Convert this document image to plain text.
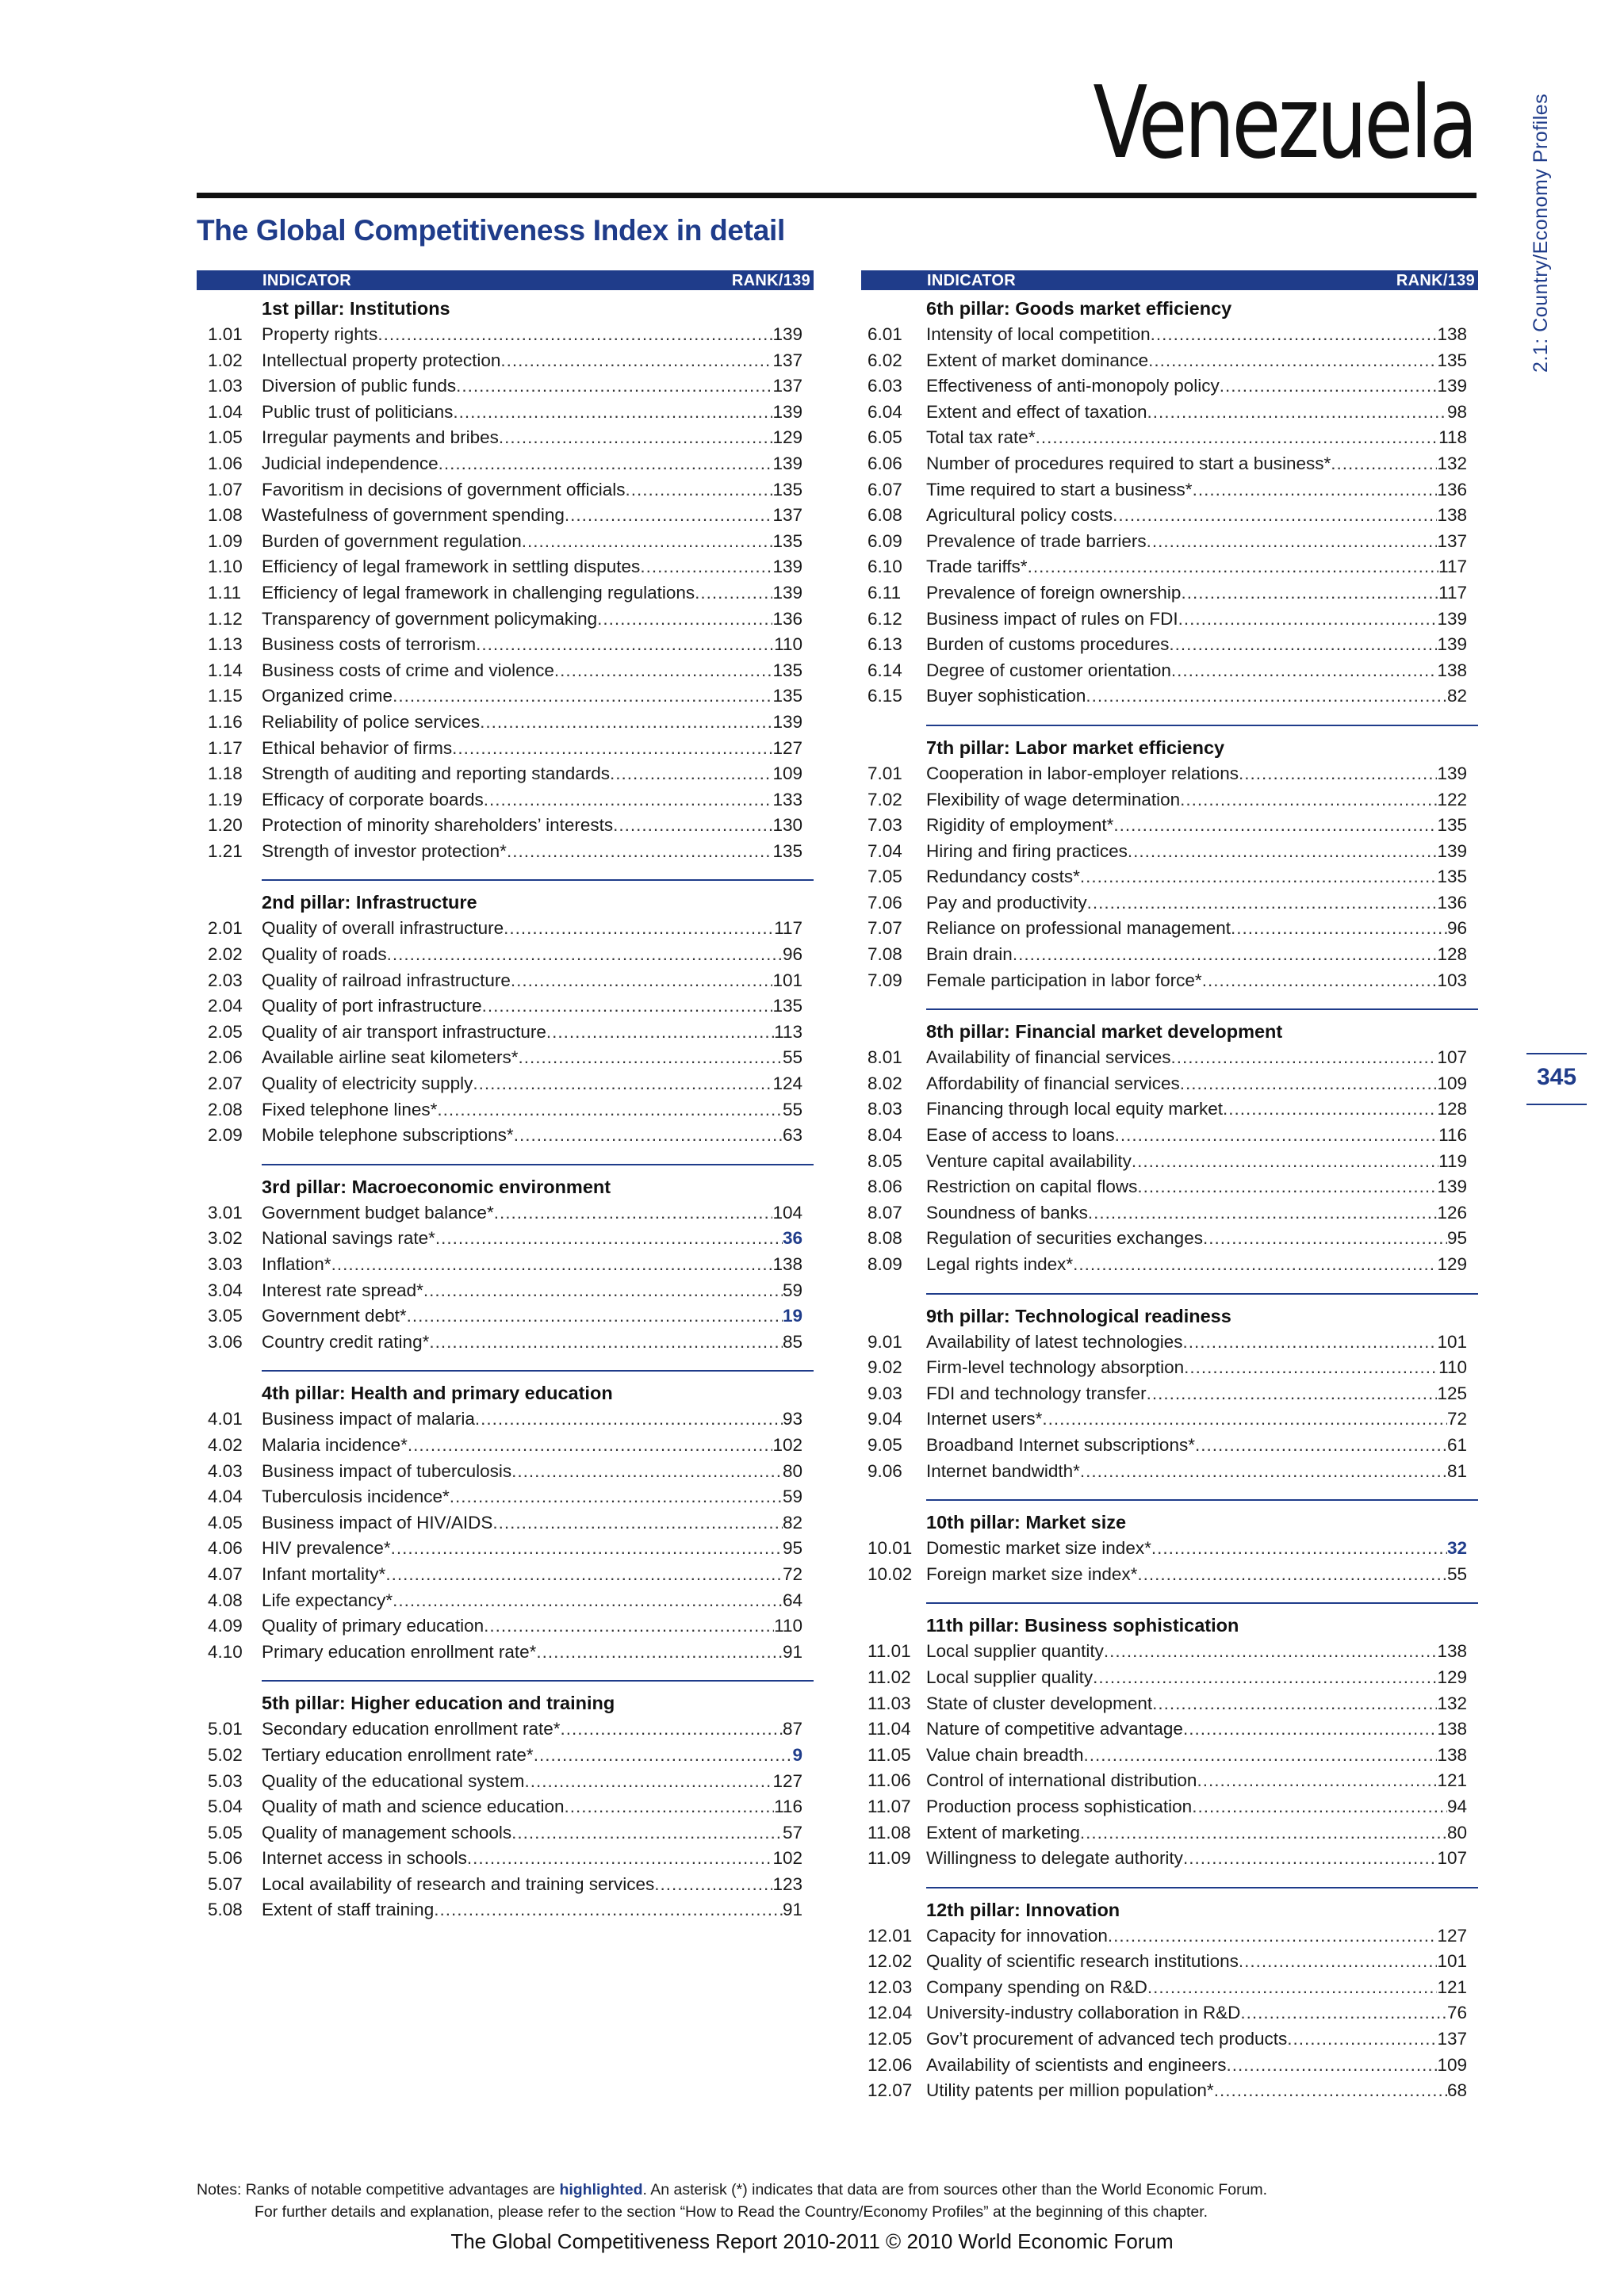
Venezuela
The Global Competitiveness Index in detail	2.1: Country/Economy Profiles
345
INDICATOR	RANK/139
1st pillar: Institutions
1.01	Property rights .....	139
1.02	Intellectual property protection .....	137
1.03	Diversion of public funds .....	137
1.04	Public trust of politicians .....	139
1.05	Irregular payments and bribes .....	129
1.06	Judicial independence .....	139
1.07	Favoritism in decisions of government officials .....	135
1.08	Wastefulness of government spending .....	137
1.09	Burden of government regulation .....	135
1.10	Efficiency of legal framework in settling disputes .....	139
1.11	Efficiency of legal framework in challenging regulations .....	139
1.12	Transparency of government policymaking .....	136
1.13	Business costs of terrorism .....	110
1.14	Business costs of crime and violence .....	135
1.15	Organized crime .....	135
1.16	Reliability of police services .....	139
1.17	Ethical behavior of firms .....	127
1.18	Strength of auditing and reporting standards .....	109
1.19	Efficacy of corporate boards .....	133
1.20	Protection of minority shareholders’ interests .....	130
1.21	Strength of investor protection* .....	135
2nd pillar: Infrastructure
2.01	Quality of overall infrastructure .....	117
2.02	Quality of roads .....	96
2.03	Quality of railroad infrastructure .....	101
2.04	Quality of port infrastructure .....	135
2.05	Quality of air transport infrastructure .....	113
2.06	Available airline seat kilometers* .....	55
2.07	Quality of electricity supply .....	124
2.08	Fixed telephone lines* .....	55
2.09	Mobile telephone subscriptions* .....	63
3rd pillar: Macroeconomic environment
3.01	Government budget balance* .....	104
3.02	National savings rate* .....	36
3.03	Inflation* .....	138
3.04	Interest rate spread* .....	59
3.05	Government debt* .....	19
3.06	Country credit rating* .....	85
4th pillar: Health and primary education
4.01	Business impact of malaria .....	93
4.02	Malaria incidence* .....	102
4.03	Business impact of tuberculosis .....	80
4.04	Tuberculosis incidence* .....	59
4.05	Business impact of HIV/AIDS .....	82
4.06	HIV prevalence* .....	95
4.07	Infant mortality* .....	72
4.08	Life expectancy* .....	64
4.09	Quality of primary education .....	110
4.10	Primary education enrollment rate* .....	91
5th pillar: Higher education and training
5.01	Secondary education enrollment rate* .....	87
5.02	Tertiary education enrollment rate* .....	9
5.03	Quality of the educational system .....	127
5.04	Quality of math and science education .....	116
5.05	Quality of management schools .....	57
5.06	Internet access in schools .....	102
5.07	Local availability of research and training services .....	123
5.08	Extent of staff training .....	91
INDICATOR	RANK/139
6th pillar: Goods market efficiency
6.01	Intensity of local competition .....	138
6.02	Extent of market dominance .....	135
6.03	Effectiveness of anti-monopoly policy .....	139
6.04	Extent and effect of taxation .....	98
6.05	Total tax rate* .....	118
6.06	Number of procedures required to start a business* .....	132
6.07	Time required to start a business* .....	136
6.08	Agricultural policy costs .....	138
6.09	Prevalence of trade barriers .....	137
6.10	Trade tariffs* .....	117
6.11	Prevalence of foreign ownership .....	117
6.12	Business impact of rules on FDI .....	139
6.13	Burden of customs procedures .....	139
6.14	Degree of customer orientation .....	138
6.15	Buyer sophistication .....	82
7th pillar: Labor market efficiency
7.01	Cooperation in labor-employer relations .....	139
7.02	Flexibility of wage determination .....	122
7.03	Rigidity of employment* .....	135
7.04	Hiring and firing practices .....	139
7.05	Redundancy costs* .....	135
7.06	Pay and productivity .....	136
7.07	Reliance on professional management .....	96
7.08	Brain drain .....	128
7.09	Female participation in labor force* .....	103
8th pillar: Financial market development
8.01	Availability of financial services .....	107
8.02	Affordability of financial services .....	109
8.03	Financing through local equity market .....	128
8.04	Ease of access to loans .....	116
8.05	Venture capital availability .....	119
8.06	Restriction on capital flows .....	139
8.07	Soundness of banks .....	126
8.08	Regulation of securities exchanges .....	95
8.09	Legal rights index* .....	129
9th pillar: Technological readiness
9.01	Availability of latest technologies .....	101
9.02	Firm-level technology absorption .....	110
9.03	FDI and technology transfer .....	125
9.04	Internet users* .....	72
9.05	Broadband Internet subscriptions* .....	61
9.06	Internet bandwidth* .....	81
10th pillar: Market size
10.01 Domestic market size index* .....	32
10.02 Foreign market size index* .....	55
11th pillar: Business sophistication
11.01 Local supplier quantity .....	138
11.02 Local supplier quality .....	129
11.03 State of cluster development .....	132
11.04 Nature of competitive advantage .....	138
11.05 Value chain breadth .....	138
11.06 Control of international distribution .....	121
11.07 Production process sophistication .....	94
11.08 Extent of marketing .....	80
11.09 Willingness to delegate authority .....	107
12th pillar: Innovation
12.01 Capacity for innovation .....	127
12.02 Quality of scientific research institutions .....	101
12.03 Company spending on R&D .....	121
12.04 University-industry collaboration in R&D .....	76
12.05 Gov’t procurement of advanced tech products .....	137
12.06 Availability of scientists and engineers .....	109
12.07 Utility patents per million population* .....	68
Notes: Ranks of notable competitive advantages are highlighted. An asterisk (*) indicates that data are from sources other than the World Economic Forum.
For further details and explanation, please refer to the section “How to Read the Country/Economy Profiles” at the beginning of this chapter.
The Global Competitiveness Report 2010-2011 © 2010 World Economic Forum
